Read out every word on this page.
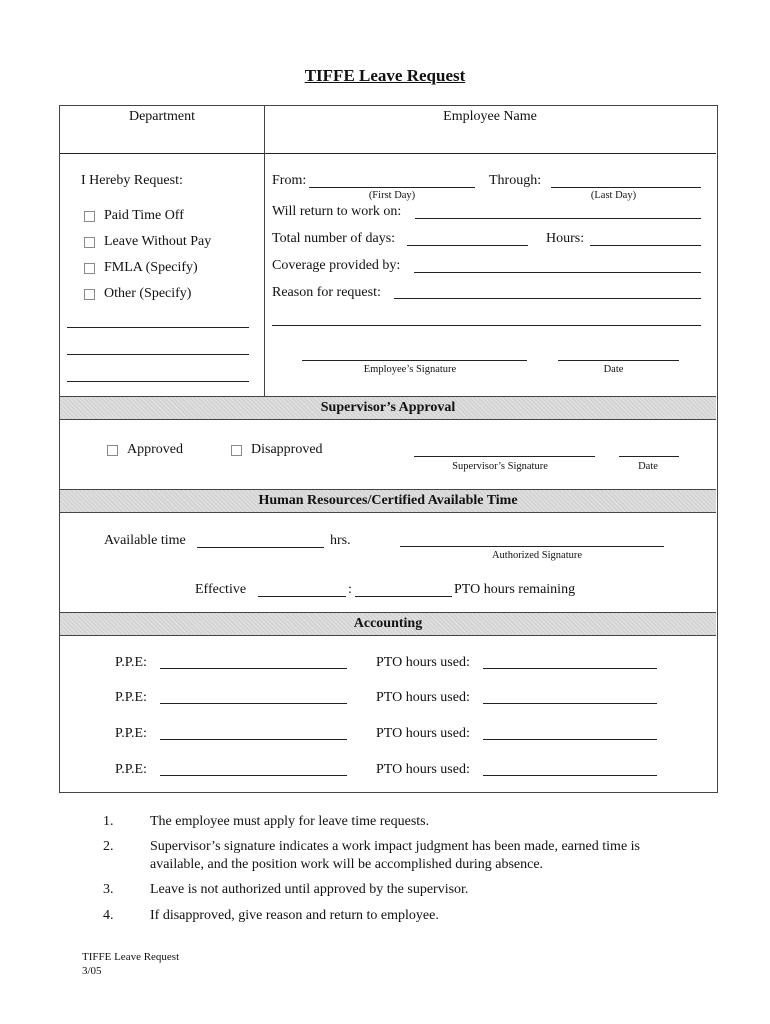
TIFFE Leave Request
Department	Employee Name
I Hereby Request:
Paid Time Off
Leave Without Pay
FMLA (Specify)
Other (Specify)
From:
(First Day)
Through:
(Last Day)
Will return to work on:
Total number of days:	Hours:
Coverage provided by:
Reason for request:
Employee’s Signature	Date
Supervisor’s Approval
Approved	Disapproved
Supervisor’s Signature	Date
Human Resources/Certified Available Time
Available time	hrs.
Authorized Signature
Effective	:	PTO hours remaining
Accounting
P.P.E:	PTO hours used:
P.P.E:	PTO hours used:
P.P.E:	PTO hours used:
P.P.E:	PTO hours used:
1.	The employee must apply for leave time requests.
2.	Supervisor’s signature indicates a work impact judgment has been made, earned time is
available, and the position work will be accomplished during absence.
3.	Leave is not authorized until approved by the supervisor.
4.	If disapproved, give reason and return to employee.
TIFFE Leave Request
3/05
